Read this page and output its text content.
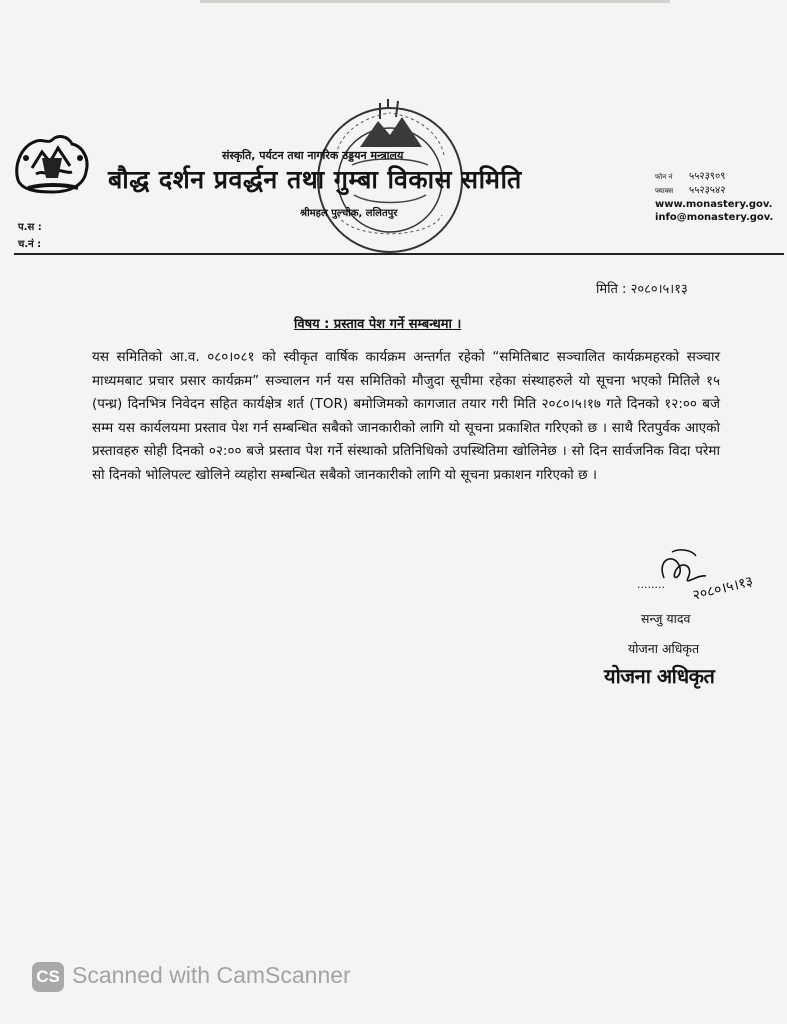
संस्कृति, पर्यटन तथा नागरिक उड्डयन मन्त्रालय
बौद्ध दर्शन प्रवर्द्धन तथा गुम्बा विकास समिति
श्रीमहल पुल्चोक, ललितपुर
फोन नं ५५२३९०९
फ्याक्स ५५२३५४२
www.monastery.gov.
info@monastery.gov.
प.स :
च.नं :
मिति : २०८०।५।१३
विषय : प्रस्ताव पेश गर्ने सम्बन्धमा ।
यस समितिको आ.व. ०८०।०८१ को स्वीकृत वार्षिक कार्यक्रम अन्तर्गत रहेको “समितिबाट सञ्चालित कार्यक्रमहरको सञ्चार माध्यमबाट प्रचार प्रसार कार्यक्रम” सञ्चालन गर्न यस समितिको मौजुदा सूचीमा रहेका संस्थाहरुले यो सूचना भएको मितिले १५ (पन्ध्र) दिनभित्र निवेदन सहित कार्यक्षेत्र शर्त (TOR) बमोजिमको कागजात तयार गरी मिति २०८०।५।१७ गते दिनको १२:०० बजे सम्म यस कार्यलयमा प्रस्ताव पेश गर्न सम्बन्धित सबैको जानकारीको लागि यो सूचना प्रकाशित गरिएको छ । साथै रितपुर्वक आएको प्रस्तावहरु सोही दिनको ०२:०० बजे प्रस्ताव पेश गर्ने संस्थाको प्रतिनिधिको उपस्थितिमा खोलिनेछ । सो दिन सार्वजनिक विदा परेमा सो दिनको भोलिपल्ट खोलिने व्यहोरा सम्बन्धित सबैको जानकारीको लागि यो सूचना प्रकाशन गरिएको छ ।
२०८०।५।१३
........
सन्जु यादव
योजना अधिकृत
योजना अधिकृत
CS Scanned with CamScanner
